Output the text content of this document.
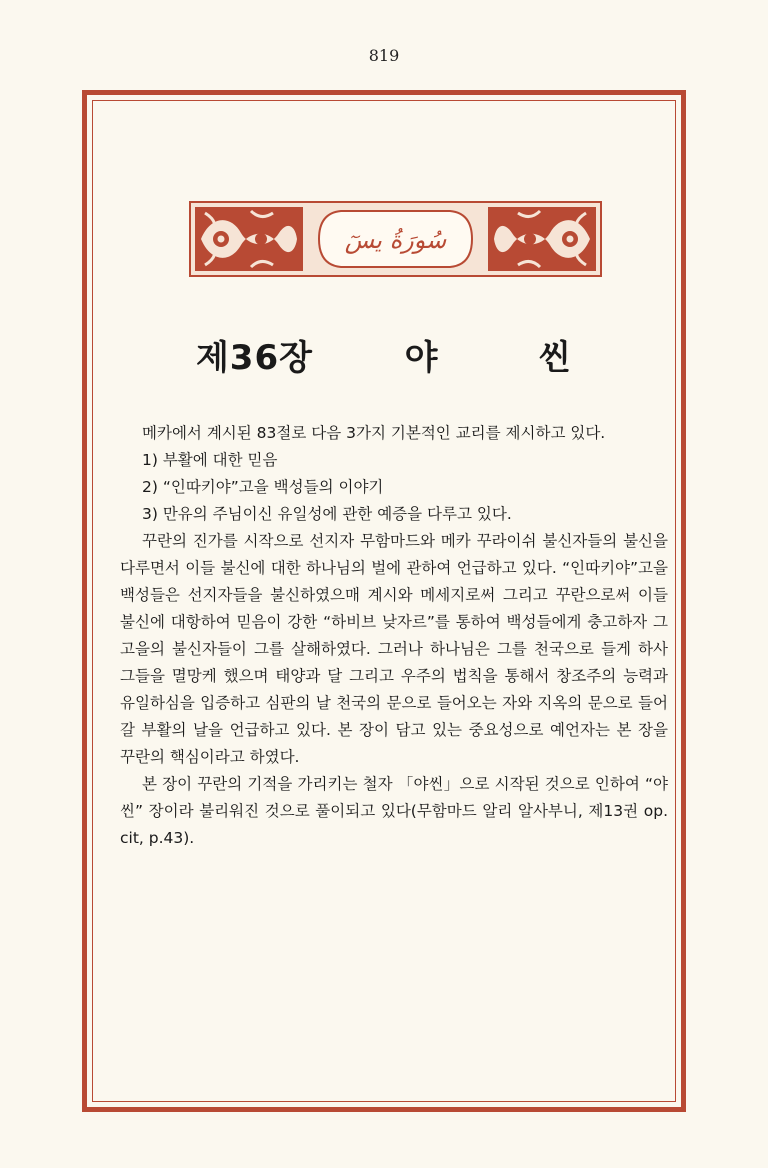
819
سُورَةُ يسٓ
제36장	야	씬

메카에서 계시된 83절로 다음 3가지 기본적인 교리를 제시하고 있다.

1) 부활에 대한 믿음

2) “인따키야”고을 백성들의 이야기

3) 만유의 주님이신 유일성에 관한 예증을 다루고 있다.

꾸란의 진가를 시작으로 선지자 무함마드와 메카 꾸라이쉬 불신자들의 불신을 다루면서 이들 불신에 대한 하나님의 벌에 관하여 언급하고 있다. “인따키야”고을 백성들은 선지자들을 불신하였으매 계시와 메세지로써 그리고 꾸란으로써 이들 불신에 대항하여 믿음이 강한 “하비브 낮자르”를 통하여 백성들에게 충고하자 그 고을의 불신자들이 그를 살해하였다. 그러나 하나님은 그를 천국으로 들게 하사 그들을 멸망케 했으며 태양과 달 그리고 우주의 법칙을 통해서 창조주의 능력과 유일하심을 입증하고 심판의 날 천국의 문으로 들어오는 자와 지옥의 문으로 들어갈 부활의 날을 언급하고 있다. 본 장이 담고 있는 중요성으로 예언자는 본 장을 꾸란의 핵심이라고 하였다.

본 장이 꾸란의 기적을 가리키는 철자 「야씬」으로 시작된 것으로 인하여 “야씬” 장이라 불리워진 것으로 풀이되고 있다(무함마드 알리 알사부니, 제13권 op. cit, p.43).
